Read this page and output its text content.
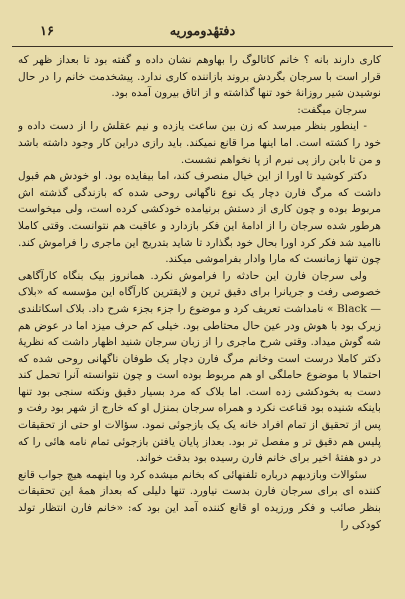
۱۶	دفتهٔدوموریه

کاری دارند بانه ؟ خانم کاتالوگ را بهاوهم نشان داده و گفته بود تا بعداز ظهر که قرار است با سرجان بگردش بروند بازاننده کاری ندارد. پیشخدمت خانم را در حال نوشیدن شیر روزانهٔ خود تنها گذاشته و از اتاق بیرون آمده بود.

سرجان میگفت:

- اینطور بنظر میرسد که زن بین ساعت یازده و نیم عقلش را از دست داده و خود را کشته است. اما اینها مرا قانع نمیکند. باید رازی دراین کار وجود داشته باشد و من تا بابن راز پی نبرم از پا نخواهم نشست.

دکتر کوشید تا اورا از این خیال منصرف کند، اما بیفایده بود. او خودش هم قبول داشت که مرگ فارن دچار یک نوع ناگهانی روحی شده که بازندگی گذشته اش مربوط بوده و چون کاری از دستش برنیامده خودکشی کرده است، ولی میخواست هرطور شده سرجان را از ادامهٔ این فکر بازدارد و عاقبت هم نتوانست. وقتی کاملا ناامید شد فکر کرد اورا بحال خود بگذارد تا شاید بتدریج این ماجری را فراموش کند. چون تنها زمانست که مارا وادار بفراموشی میکند.

ولی سرجان فارن این حادثه را فراموش نکرد. همانروز بیک بنگاه کارآگاهی خصوصی رفت و جریانرا برای دقیق ترین و لایقترین کارآگاه این مؤسسه که «بلاک — Black » نامداشت تعریف کرد و موضوع را جزء بجزء شرح داد. بلاک اسکاتلندی زیرک بود با هوش ودر عین حال محتاطی بود. خیلی کم حرف میزد اما در عوض هم شه گوش میداد. وقتی شرح ماجری را از زبان سرجان شنید اظهار داشت که نظریهٔ دکتر کاملا درست است وخانم مرگ فارن دچار یک طوفان ناگهانی روحی شده که احتمالا با موضوع حاملگی او هم مربوط بوده است و چون نتوانسته آنرا تحمل کند دست به بخودکشی زده است. اما بلاک که مرد بسیار دقیق ونکته سنجی بود تنها باینکه شنیده بود قناعت نکرد و همراه سرجان بمنزل او که خارج از شهر بود رفت و پس از تحقیق از تمام افراد خانه یک یک بازجوئی نمود. سؤالات او حتی از تحقیقات پلیس هم دقیق تر و مفصل تر بود. بعداز پایان یافتن بازجوئی تمام نامه هائی را که در دو هفتهٔ اخیر برای خانم فارن رسیده بود بدقت خواند.

سئوالات وبازدیهم درباره تلفنهائی که بخانم میشده کرد وبا اینهمه هیچ جواب قانع کننده ای برای سرجان فارن بدست نیاورد. تنها دلیلی که بعداز همهٔ این تحقیقات بنظر صائب و فکر ورزیده او قانع کننده آمد این بود که: «خانم فارن انتظار تولد کودکی را
